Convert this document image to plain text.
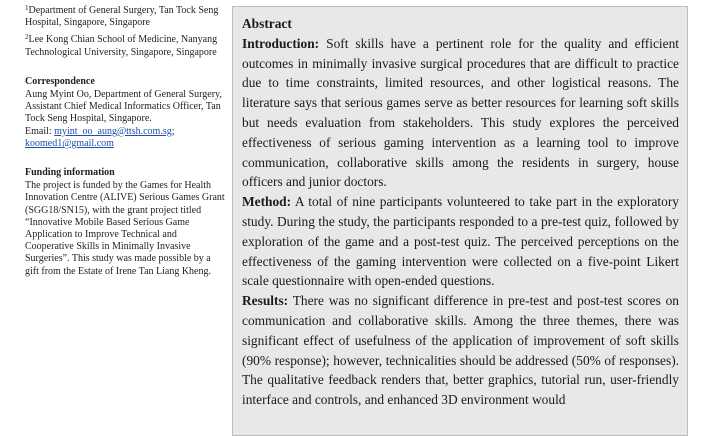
$^1$Department of General Surgery, Tan Tock Seng Hospital, Singapore, Singapore

$^2$Lee Kong Chian School of Medicine, Nanyang Technological University, Singapore, Singapore

Correspondence
Aung Myint Oo, Department of General Surgery, Assistant Chief Medical Informatics Officer, Tan Tock Seng Hospital, Singapore.
Email: myint_oo_aung@ttsh.com.sg; koomed1@gmail.com
Funding information
The project is funded by the Games for Health Innovation Centre (ALIVE) Serious Games Grant (SGG18/SN15), with the grant project titled “Innovative Mobile Based Serious Game Application to Improve Technical and Cooperative Skills in Minimally Invasive Surgeries”. This study was made possible by a gift from the Estate of Irene Tan Liang Kheng.
Abstract

Introduction: Soft skills have a pertinent role for the quality and efficient outcomes in minimally invasive surgical procedures that are difficult to practice due to time constraints, limited resources, and other logistical reasons. The literature says that serious games serve as better resources for learning soft skills but needs evaluation from stakeholders. This study explores the perceived effectiveness of serious gaming intervention as a learning tool to improve communication, collaborative skills among the residents in surgery, house officers and junior doctors.

Method: A total of nine participants volunteered to take part in the exploratory study. During the study, the participants responded to a pre-test quiz, followed by exploration of the game and a post-test quiz. The perceived perceptions on the effectiveness of the gaming intervention were collected on a five-point Likert scale questionnaire with open-ended questions.

Results: There was no significant difference in pre-test and post-test scores on communication and collaborative skills. Among the three themes, there was significant effect of usefulness of the application of improvement of soft skills (90% response); however, technicalities should be addressed (50% of responses). The qualitative feedback renders that, better graphics, tutorial run, user-friendly interface and controls, and enhanced 3D environment would
